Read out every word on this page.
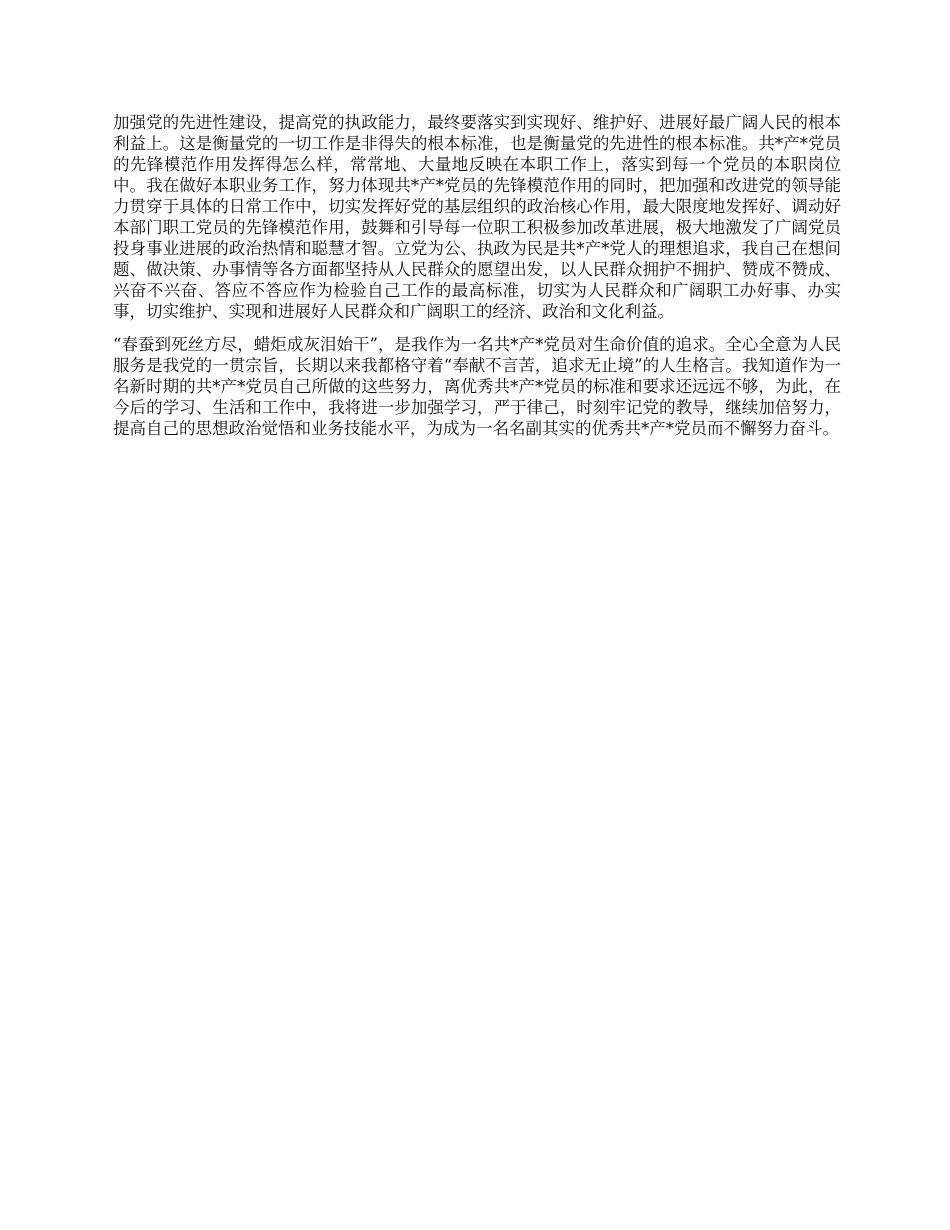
加强党的先进性建设，提高党的执政能力，最终要落实到实现好、维护好、进展好最广阔人民的根本利益上。这是衡量党的一切工作是非得失的根本标准，也是衡量党的先进性的根本标准。共*产*党员的先锋模范作用发挥得怎么样，常常地、大量地反映在本职工作上，落实到每一个党员的本职岗位中。我在做好本职业务工作，努力体现共*产*党员的先锋模范作用的同时，把加强和改进党的领导能力贯穿于具体的日常工作中，切实发挥好党的基层组织的政治核心作用，最大限度地发挥好、调动好本部门职工党员的先锋模范作用，鼓舞和引导每一位职工积极参加改革进展，极大地激发了广阔党员投身事业进展的政治热情和聪慧才智。立党为公、执政为民是共*产*党人的理想追求，我自己在想问题、做决策、办事情等各方面都坚持从人民群众的愿望出发，以人民群众拥护不拥护、赞成不赞成、兴奋不兴奋、答应不答应作为检验自己工作的最高标准，切实为人民群众和广阔职工办好事、办实事，切实维护、实现和进展好人民群众和广阔职工的经济、政治和文化利益。

“春蚕到死丝方尽，蜡炬成灰泪始干”，是我作为一名共*产*党员对生命价值的追求。全心全意为人民服务是我党的一贯宗旨，长期以来我都格守着“奉献不言苦，追求无止境”的人生格言。我知道作为一名新时期的共*产*党员自己所做的这些努力，离优秀共*产*党员的标准和要求还远远不够，为此，在今后的学习、生活和工作中，我将进一步加强学习，严于律己，时刻牢记党的教导，继续加倍努力，提高自己的思想政治觉悟和业务技能水平，为成为一名名副其实的优秀共*产*党员而不懈努力奋斗。
